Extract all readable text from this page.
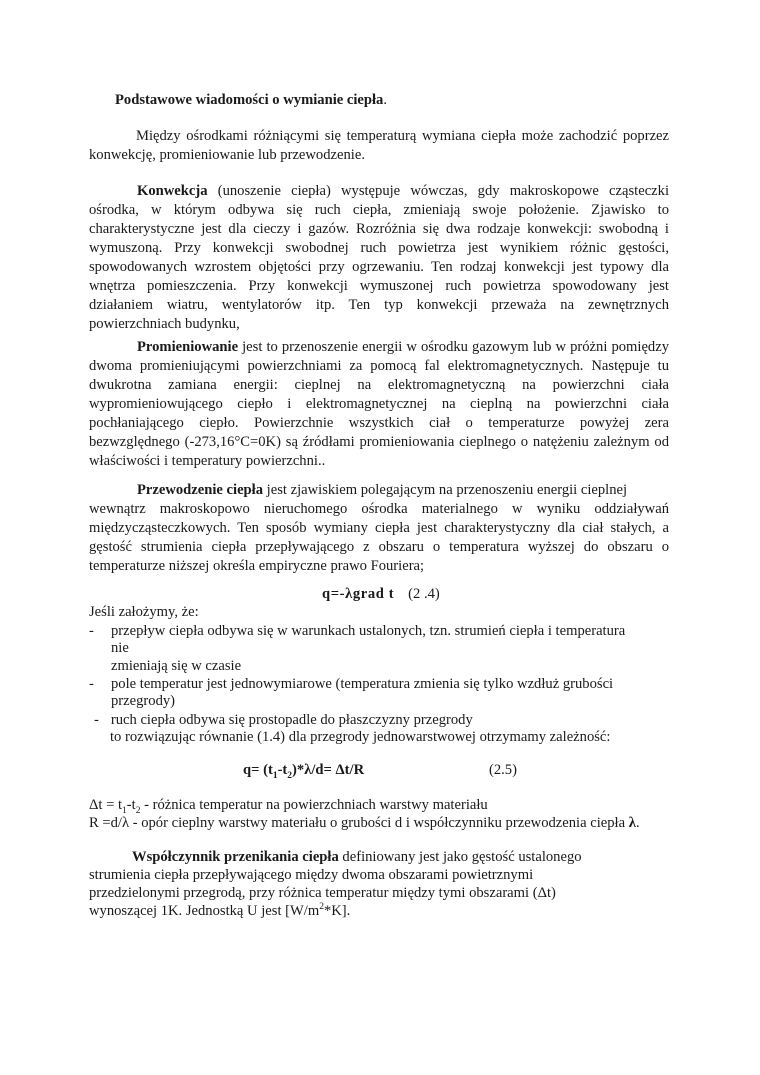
Podstawowe wiadomości o wymianie ciepła.

Między ośrodkami różniącymi się temperaturą wymiana ciepła może zachodzić poprzez konwekcję, promieniowanie lub przewodzenie.

Konwekcja (unoszenie ciepła) występuje wówczas, gdy makroskopowe cząsteczki ośrodka, w którym odbywa się ruch ciepła, zmieniają swoje położenie. Zjawisko to charakterystyczne jest dla cieczy i gazów. Rozróżnia się dwa rodzaje konwekcji: swobodną i wymuszoną. Przy konwekcji swobodnej ruch powietrza jest wynikiem różnic gęstości, spowodowanych wzrostem objętości przy ogrzewaniu. Ten rodzaj konwekcji jest typowy dla wnętrza pomieszczenia. Przy konwekcji wymuszonej ruch powietrza spowodowany jest działaniem wiatru, wentylatorów itp. Ten typ konwekcji przeważa na zewnętrznych powierzchniach budynku,

Promieniowanie jest to przenoszenie energii w ośrodku gazowym lub w próżni pomiędzy dwoma promieniującymi powierzchniami za pomocą fal elektromagnetycznych. Następuje tu dwukrotna zamiana energii: cieplnej na elektromagnetyczną na powierzchni ciała wypromieniowującego ciepło i elektromagnetycznej na cieplną na powierzchni ciała pochłaniającego ciepło. Powierzchnie wszystkich ciał o temperaturze powyżej zera bezwzględnego (-273,16°C=0K) są źródłami promieniowania cieplnego o natężeniu zależnym od właściwości i temperatury powierzchni..

Przewodzenie ciepła jest zjawiskiem polegającym na przenoszeniu energii cieplnej

wewnątrz makroskopowo nieruchomego ośrodka materialnego w wyniku oddziaływań międzycząsteczkowych. Ten sposób wymiany ciepła jest charakterystyczny dla ciał stałych, a gęstość strumienia ciepła przepływającego z obszaru o temperatura wyższej do obszaru o temperaturze niższej określa empiryczne prawo Fouriera;

q=-λgrad t (2 .4)
Jeśli założymy, że:
- przepływ ciepła odbywa się w warunkach ustalonych, tzn. strumień ciepła i temperatura
nie
zmieniają się w czasie
- pole temperatur jest jednowymiarowe (temperatura zmienia się tylko wzdłuż grubości
przegrody)
- ruch ciepła odbywa się prostopadle do płaszczyzny przegrody
to rozwiązując równanie (1.4) dla przegrody jednowarstwowej otrzymamy zależność:
$q= (t_1-t_2)*\lambda/d= \Delta t/R$	(2.5)
$\Delta t = t_1-t_2$ - różnica temperatur na powierzchniach warstwy materiału
R =d/λ - opór cieplny warstwy materiału o grubości d i współczynniku przewodzenia ciepła λ.
Współczynnik przenikania ciepła definiowany jest jako gęstość ustalonego
strumienia ciepła przepływającego między dwoma obszarami powietrznymi
przedzielonymi przegrodą, przy różnica temperatur między tymi obszarami (Δt)
wynoszącej 1K. Jednostką U jest $[W/m^2*K]$.
